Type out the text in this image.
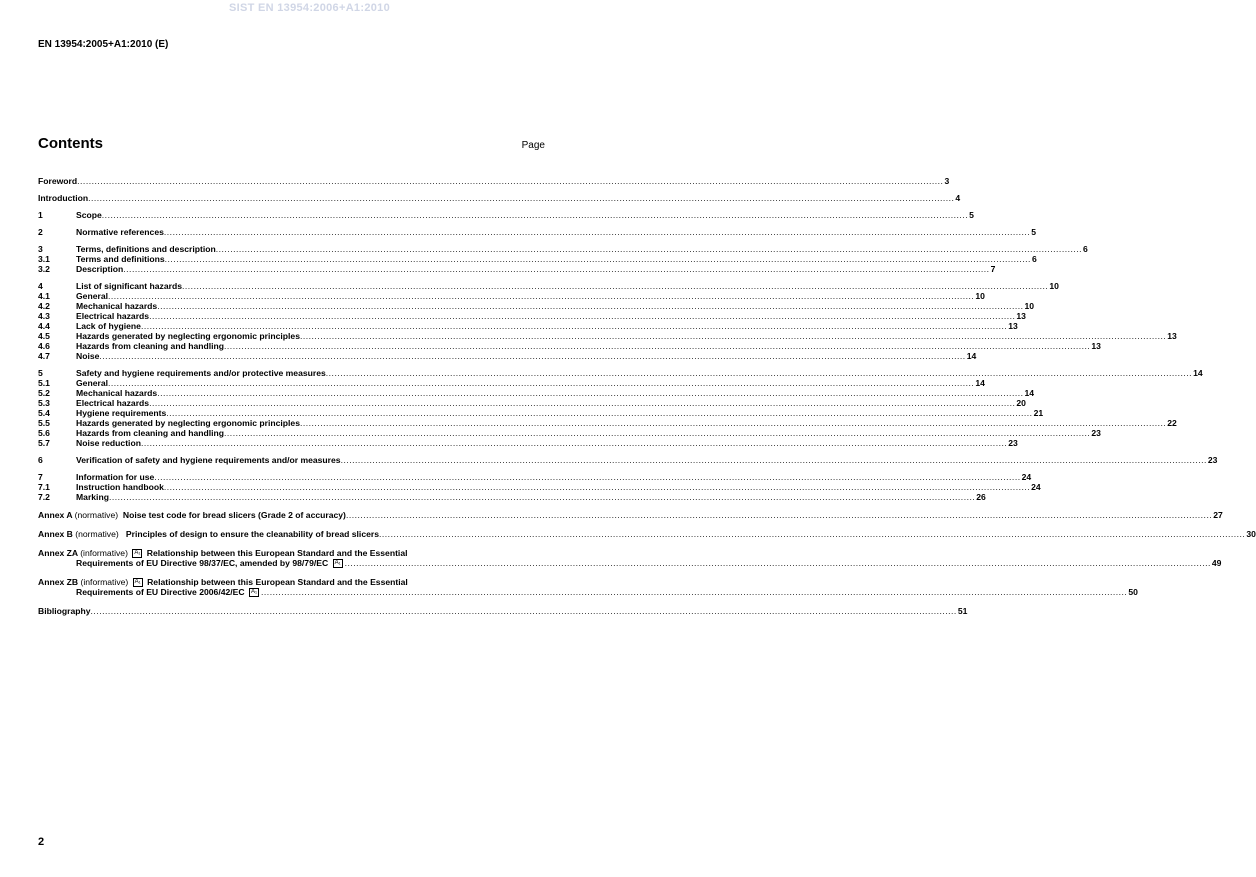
SIST EN 13954:2006+A1:2010
EN 13954:2005+A1:2010 (E)
Contents	Page
Foreword ............................................................................................................................................................................................................................................................................................................ 3
Introduction ............................................................................................................................................................................................................................................................................................................ 4
1	Scope ............................................................................................................................................................................................................................................................................................................ 5
2	Normative references ............................................................................................................................................................................................................................................................................................................ 5
3	Terms, definitions and description ............................................................................................................................................................................................................................................................................................................ 6
3.1	Terms and definitions ............................................................................................................................................................................................................................................................................................................ 6
3.2	Description ............................................................................................................................................................................................................................................................................................................ 7
4	List of significant hazards ............................................................................................................................................................................................................................................................................................................ 10
4.1	General ............................................................................................................................................................................................................................................................................................................ 10
4.2	Mechanical hazards ............................................................................................................................................................................................................................................................................................................ 10
4.3	Electrical hazards ............................................................................................................................................................................................................................................................................................................ 13
4.4	Lack of hygiene ............................................................................................................................................................................................................................................................................................................ 13
4.5	Hazards generated by neglecting ergonomic principles ............................................................................................................................................................................................................................................................................................................ 13
4.6	Hazards from cleaning and handling ............................................................................................................................................................................................................................................................................................................ 13
4.7	Noise ............................................................................................................................................................................................................................................................................................................ 14
5	Safety and hygiene requirements and/or protective measures ............................................................................................................................................................................................................................................................................................................ 14
5.1	General ............................................................................................................................................................................................................................................................................................................ 14
5.2	Mechanical hazards ............................................................................................................................................................................................................................................................................................................ 14
5.3	Electrical hazards ............................................................................................................................................................................................................................................................................................................ 20
5.4	Hygiene requirements ............................................................................................................................................................................................................................................................................................................ 21
5.5	Hazards generated by neglecting ergonomic principles ............................................................................................................................................................................................................................................................................................................ 22
5.6	Hazards from cleaning and handling ............................................................................................................................................................................................................................................................................................................ 23
5.7	Noise reduction ............................................................................................................................................................................................................................................................................................................ 23
6	Verification of safety and hygiene requirements and/or measures ............................................................................................................................................................................................................................................................................................................ 23
7	Information for use ............................................................................................................................................................................................................................................................................................................ 24
7.1	Instruction handbook ............................................................................................................................................................................................................................................................................................................ 24
7.2	Marking ............................................................................................................................................................................................................................................................................................................ 26
Annex A (normative) Noise test code for bread slicers (Grade 2 of accuracy) ............................................................................................................................................................................................................................................................................................................ 27
Annex B (normative) Principles of design to ensure the cleanability of bread slicers ............................................................................................................................................................................................................................................................................................................ 30
Annex ZA (informative) A₁ Relationship between this European Standard and the Essential
Requirements of EU Directive 98/37/EC, amended by 98/79/EC A₁ ............................................................................................................................................................................................................................................................................................................ 49
Annex ZB (informative) A₁ Relationship between this European Standard and the Essential
Requirements of EU Directive 2006/42/EC A₁ ............................................................................................................................................................................................................................................................................................................ 50
Bibliography ............................................................................................................................................................................................................................................................................................................ 51
2
